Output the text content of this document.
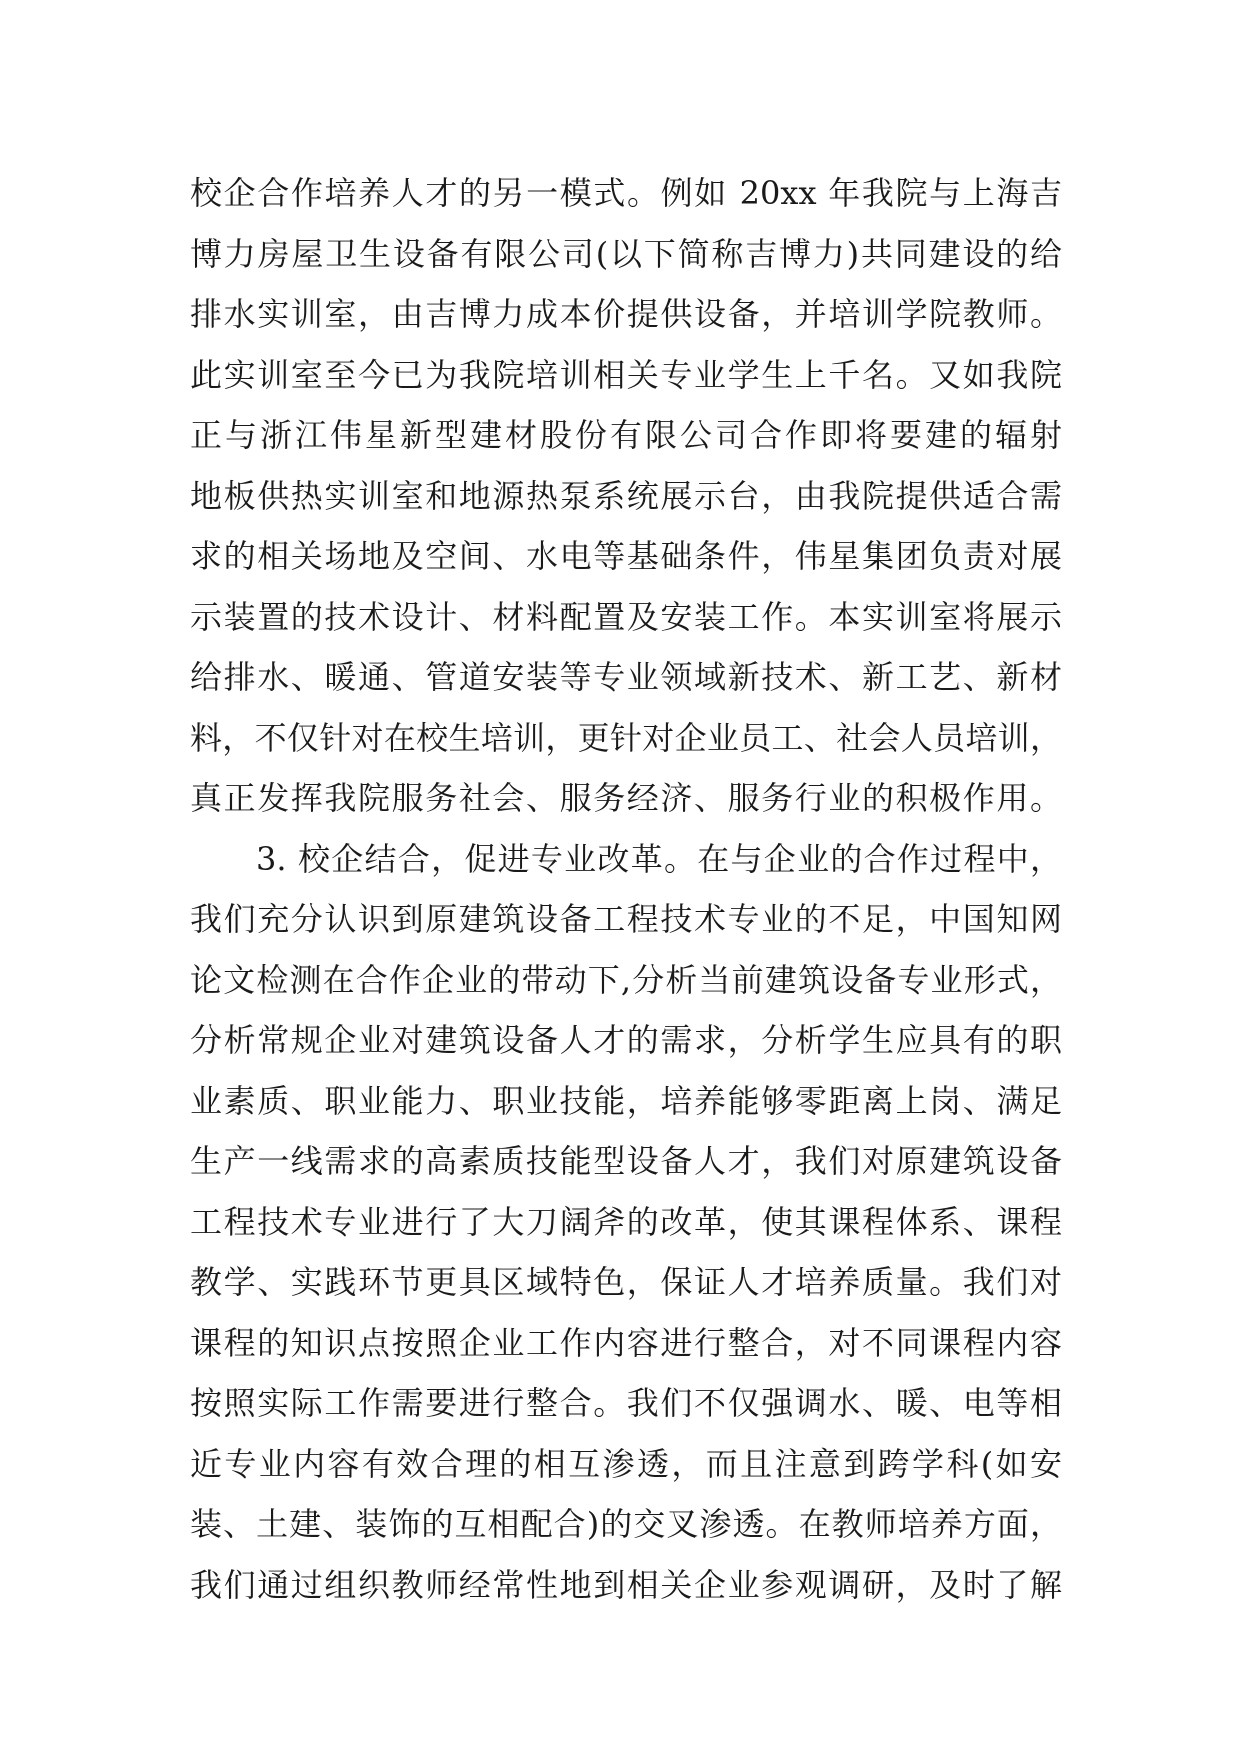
校企合作培养人才的另一模式。例如 20xx 年我院与上海吉
博力房屋卫生设备有限公司(以下简称吉博力)共同建设的给
排水实训室，由吉博力成本价提供设备，并培训学院教师。
此实训室至今已为我院培训相关专业学生上千名。又如我院
正与浙江伟星新型建材股份有限公司合作即将要建的辐射
地板供热实训室和地源热泵系统展示台，由我院提供适合需
求的相关场地及空间、水电等基础条件，伟星集团负责对展
示装置的技术设计、材料配置及安装工作。本实训室将展示
给排水、暖通、管道安装等专业领域新技术、新工艺、新材
料，不仅针对在校生培训，更针对企业员工、社会人员培训，
真正发挥我院服务社会、服务经济、服务行业的积极作用。
3. 校企结合，促进专业改革。在与企业的合作过程中，
我们充分认识到原建筑设备工程技术专业的不足，中国知网
论文检测在合作企业的带动下,分析当前建筑设备专业形式，
分析常规企业对建筑设备人才的需求，分析学生应具有的职
业素质、职业能力、职业技能，培养能够零距离上岗、满足
生产一线需求的高素质技能型设备人才，我们对原建筑设备
工程技术专业进行了大刀阔斧的改革，使其课程体系、课程
教学、实践环节更具区域特色，保证人才培养质量。我们对
课程的知识点按照企业工作内容进行整合，对不同课程内容
按照实际工作需要进行整合。我们不仅强调水、暖、电等相
近专业内容有效合理的相互渗透，而且注意到跨学科(如安
装、土建、装饰的互相配合)的交叉渗透。在教师培养方面，
我们通过组织教师经常性地到相关企业参观调研，及时了解
